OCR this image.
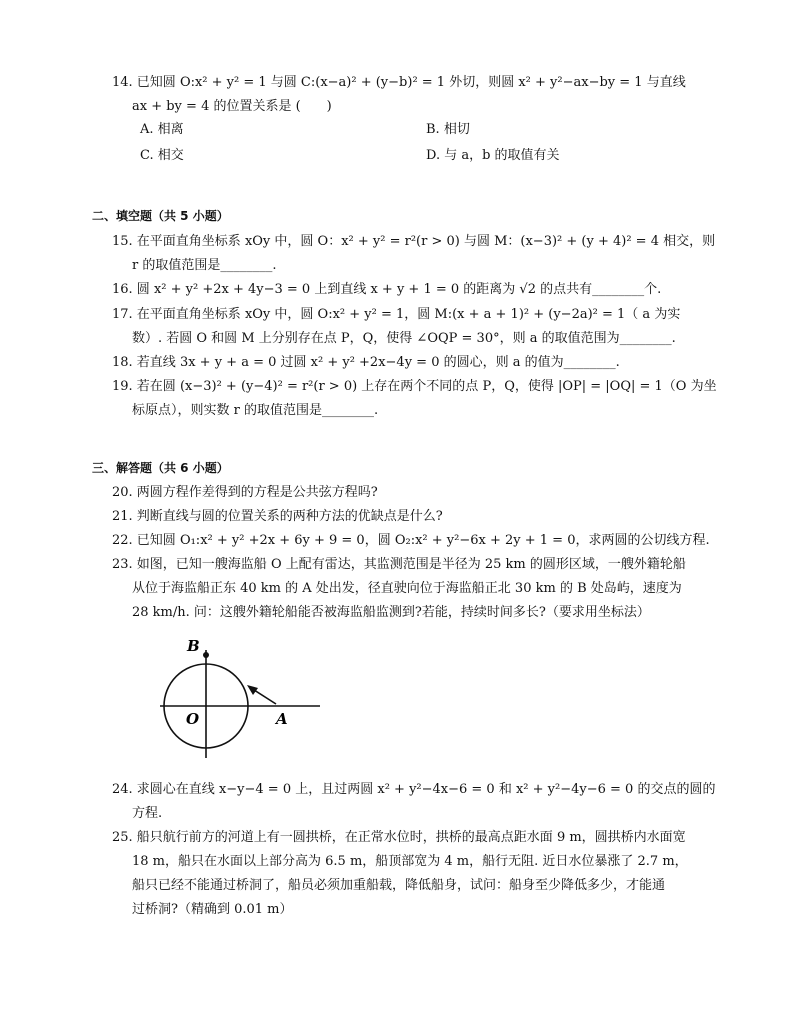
14. 已知圆 O:x² + y² = 1 与圆 C:(x−a)² + (y−b)² = 1 外切，则圆 x² + y²−ax−by = 1 与直线
ax + by = 4 的位置关系是 (　　)
A. 相离	B. 相切
C. 相交	D. 与 a，b 的取值有关
二、填空题（共 5 小题）
15. 在平面直角坐标系 xOy 中，圆 O：x² + y² = r²(r > 0) 与圆 M：(x−3)² + (y + 4)² = 4 相交，则
r 的取值范围是________.
16. 圆 x² + y² +2x + 4y−3 = 0 上到直线 x + y + 1 = 0 的距离为 √2 的点共有________个.
17. 在平面直角坐标系 xOy 中，圆 O:x² + y² = 1，圆 M:(x + a + 1)² + (y−2a)² = 1（ a 为实
数）. 若圆 O 和圆 M 上分别存在点 P，Q，使得 ∠OQP = 30°，则 a 的取值范围为________.
18. 若直线 3x + y + a = 0 过圆 x² + y² +2x−4y = 0 的圆心，则 a 的值为________.
19. 若在圆 (x−3)² + (y−4)² = r²(r > 0) 上存在两个不同的点 P，Q，使得 |OP| = |OQ| = 1（O 为坐
标原点），则实数 r 的取值范围是________.
三、解答题（共 6 小题）
20. 两圆方程作差得到的方程是公共弦方程吗?
21. 判断直线与圆的位置关系的两种方法的优缺点是什么?
22. 已知圆 O₁:x² + y² +2x + 6y + 9 = 0，圆 O₂:x² + y²−6x + 2y + 1 = 0，求两圆的公切线方程.
23. 如图，已知一艘海监船 O 上配有雷达，其监测范围是半径为 25 km 的圆形区域，一艘外籍轮船
从位于海监船正东 40 km 的 A 处出发，径直驶向位于海监船正北 30 km 的 B 处岛屿，速度为
28 km/h. 问：这艘外籍轮船能否被海监船监测到?若能，持续时间多长?（要求用坐标法）
B
O	A
24. 求圆心在直线 x−y−4 = 0 上，且过两圆 x² + y²−4x−6 = 0 和 x² + y²−4y−6 = 0 的交点的圆的
方程.
25. 船只航行前方的河道上有一圆拱桥，在正常水位时，拱桥的最高点距水面 9 m，圆拱桥内水面宽
18 m，船只在水面以上部分高为 6.5 m，船顶部宽为 4 m，船行无阻. 近日水位暴涨了 2.7 m，
船只已经不能通过桥洞了，船员必须加重船载，降低船身，试问：船身至少降低多少，才能通
过桥洞?（精确到 0.01 m）
